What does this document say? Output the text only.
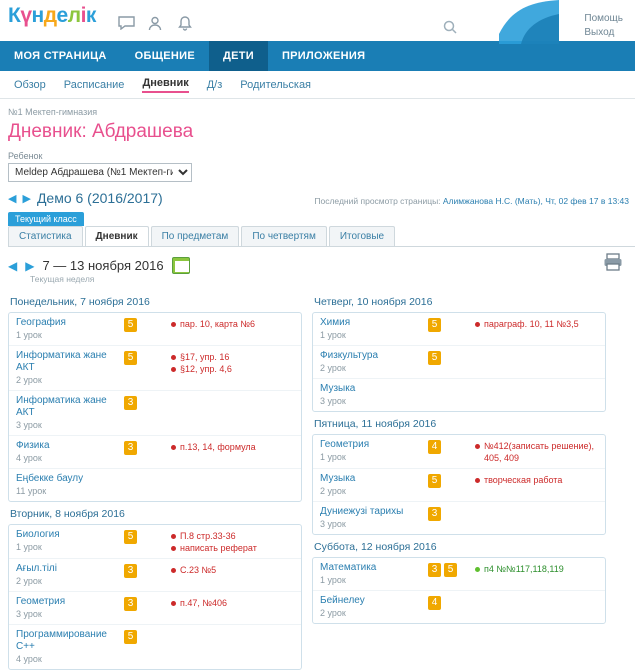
Күнделік	Помощь
Выход
МОЯ СТРАНИЦА	ОБЩЕНИЕ	ДЕТИ	ПРИЛОЖЕНИЯ
Обзор Расписание Дневник Д/з Родительская
№1 Мектеп-гимназия
Дневник: Абдрашева
Ребенок
Меldер Абдрашева (№1 Мектеп-гимн)
◀ ▶ Демо 6 (2016/2017)	Последний просмотр страницы: Алимжанова Н.С. (Мать), Чт, 02 фев 17 в 13:43
Текущий класс
Статистика	Дневник	По предметам	По четвертям	Итоговые
◀ ▶ 7 — 13 ноября 2016
Текущая неделя
Понедельник, 7 ноября 2016
География
1 урок
5	пар. 10, карта №6
Информатика жане АКТ
2 урок
5	§17, упр. 16
§12, упр. 4,6
Информатика жане АКТ
3 урок
3
Физика
4 урок
3	п.13, 14, формула
Еңбекке баулу
11 урок
Вторник, 8 ноября 2016
Биология
1 урок
5	П.8 стр.33-36
написать реферат
Ағыл.тілі
2 урок
3	C.23 №5
Геометрия
3 урок
3	п.47, №406
Программирование С++
4 урок
5
Четверг, 10 ноября 2016
Химия
1 урок
5	параграф. 10, 11 №3,5
Физкультура
2 урок
5
Музыка
3 урок
Пятница, 11 ноября 2016
Геометрия
1 урок
4	№412(записать решение), 405, 409
Музыка
2 урок
5	творческая работа
Дуниежузі тарихы
3 урок
3
Суббота, 12 ноября 2016
Математика
1 урок
3	5	п4 №№117,118,119
Бейнелеу
2 урок
4
